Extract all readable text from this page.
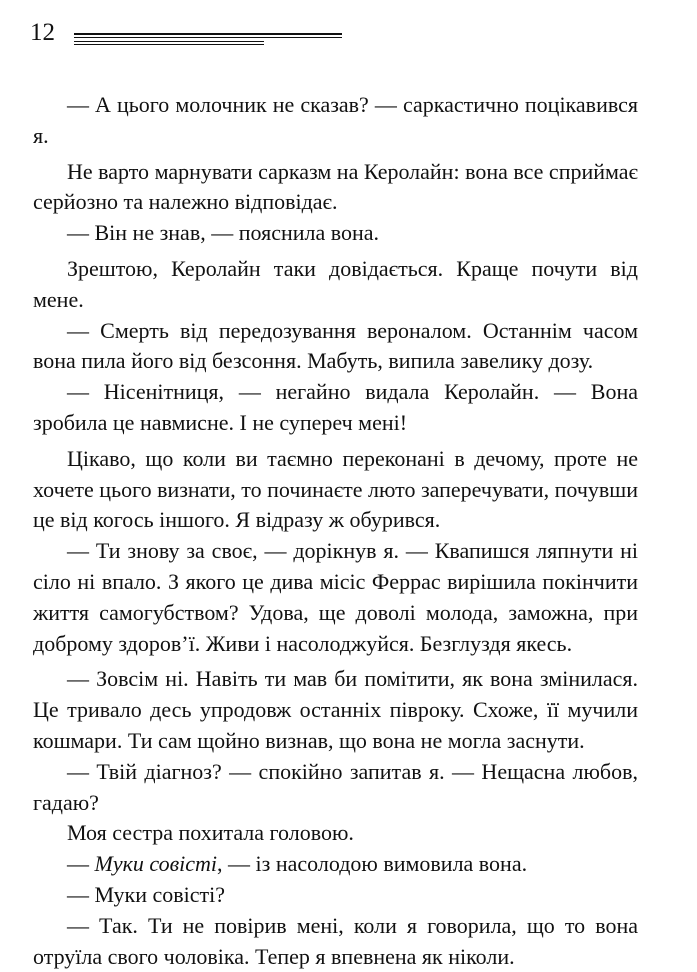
12

— А цього молочник не сказав? — саркастично поцікавився я.

Не варто марнувати сарказм на Керолайн: вона все сприймає серйозно та належно відповідає.

— Він не знав, — пояснила вона.

Зрештою, Керолайн таки довідається. Краще почути від мене.

— Смерть від передозування вероналом. Останнім часом вона пила його від безсоння. Мабуть, випила завелику дозу.

— Нісенітниця, — негайно видала Керолайн. — Вона зробила це навмисне. І не супереч мені!

Цікаво, що коли ви таємно переконані в дечому, проте не хочете цього визнати, то починаєте люто заперечувати, почувши це від когось іншого. Я відразу ж обурився.

— Ти знову за своє, — дорікнув я. — Квапишся ляпнути ні сіло ні впало. З якого це дива місіс Феррас вирішила покінчити життя самогубством? Удова, ще доволі молода, заможна, при доброму здоров’ї. Живи і насолоджуйся. Безглуздя якесь.

— Зовсім ні. Навіть ти мав би помітити, як вона змінилася. Це тривало десь упродовж останніх півроку. Схоже, її мучили кошмари. Ти сам щойно визнав, що вона не могла заснути.

— Твій діагноз? — спокійно запитав я. — Нещасна любов, гадаю?

Моя сестра похитала головою.

— Муки совісті, — із насолодою вимовила вона.

— Муки совісті?

— Так. Ти не повірив мені, коли я говорила, що то вона отруїла свого чоловіка. Тепер я впевнена як ніколи.
